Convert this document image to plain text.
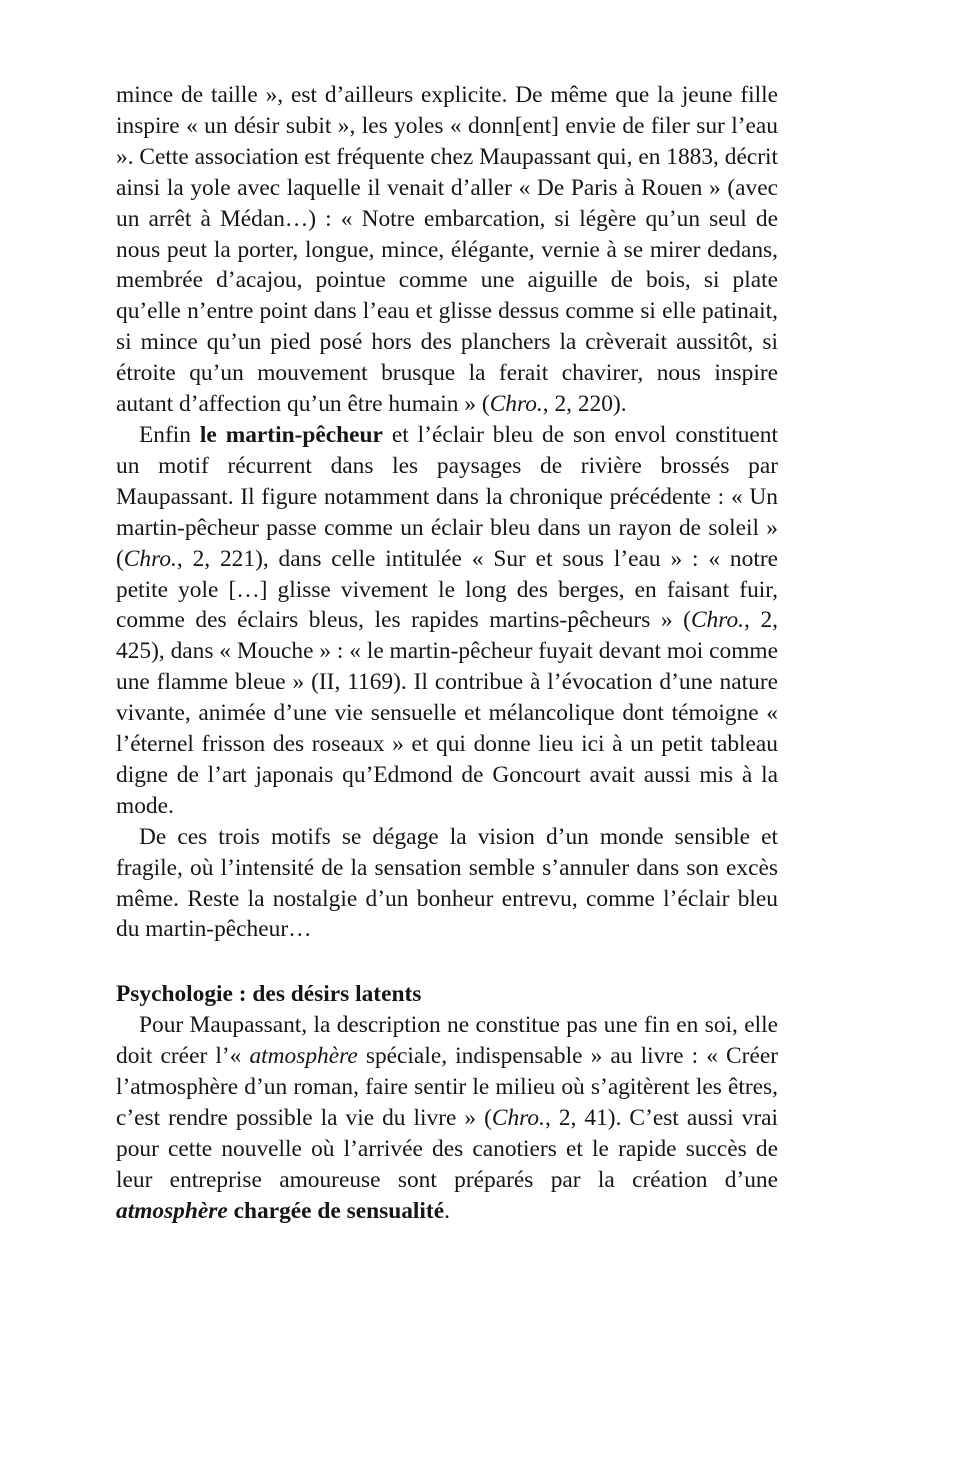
mince de taille », est d’ailleurs explicite. De même que la jeune fille inspire « un désir subit », les yoles « donn[ent] envie de filer sur l’eau ». Cette association est fréquente chez Maupassant qui, en 1883, décrit ainsi la yole avec laquelle il venait d’aller « De Paris à Rouen » (avec un arrêt à Médan…) : « Notre embarcation, si légère qu’un seul de nous peut la porter, longue, mince, élégante, vernie à se mirer dedans, membrée d’acajou, pointue comme une aiguille de bois, si plate qu’elle n’entre point dans l’eau et glisse dessus comme si elle patinait, si mince qu’un pied posé hors des planchers la crèverait aussitôt, si étroite qu’un mouvement brusque la ferait chavirer, nous inspire autant d’affection qu’un être humain » (Chro., 2, 220).

Enfin le martin-pêcheur et l’éclair bleu de son envol constituent un motif récurrent dans les paysages de rivière brossés par Maupassant. Il figure notamment dans la chronique précédente : « Un martin-pêcheur passe comme un éclair bleu dans un rayon de soleil » (Chro., 2, 221), dans celle intitulée « Sur et sous l’eau » : « notre petite yole […] glisse vivement le long des berges, en faisant fuir, comme des éclairs bleus, les rapides martins-pêcheurs » (Chro., 2, 425), dans « Mouche » : « le martin-pêcheur fuyait devant moi comme une flamme bleue » (II, 1169). Il contribue à l’évocation d’une nature vivante, animée d’une vie sensuelle et mélancolique dont témoigne « l’éternel frisson des roseaux » et qui donne lieu ici à un petit tableau digne de l’art japonais qu’Edmond de Goncourt avait aussi mis à la mode.

De ces trois motifs se dégage la vision d’un monde sensible et fragile, où l’intensité de la sensation semble s’annuler dans son excès même. Reste la nostalgie d’un bonheur entrevu, comme l’éclair bleu du martin-pêcheur…

Psychologie : des désirs latents

Pour Maupassant, la description ne constitue pas une fin en soi, elle doit créer l’« atmosphère spéciale, indispensable » au livre : « Créer l’atmosphère d’un roman, faire sentir le milieu où s’agitèrent les êtres, c’est rendre possible la vie du livre » (Chro., 2, 41). C’est aussi vrai pour cette nouvelle où l’arrivée des canotiers et le rapide succès de leur entreprise amoureuse sont préparés par la création d’une atmosphère chargée de sensualité.
